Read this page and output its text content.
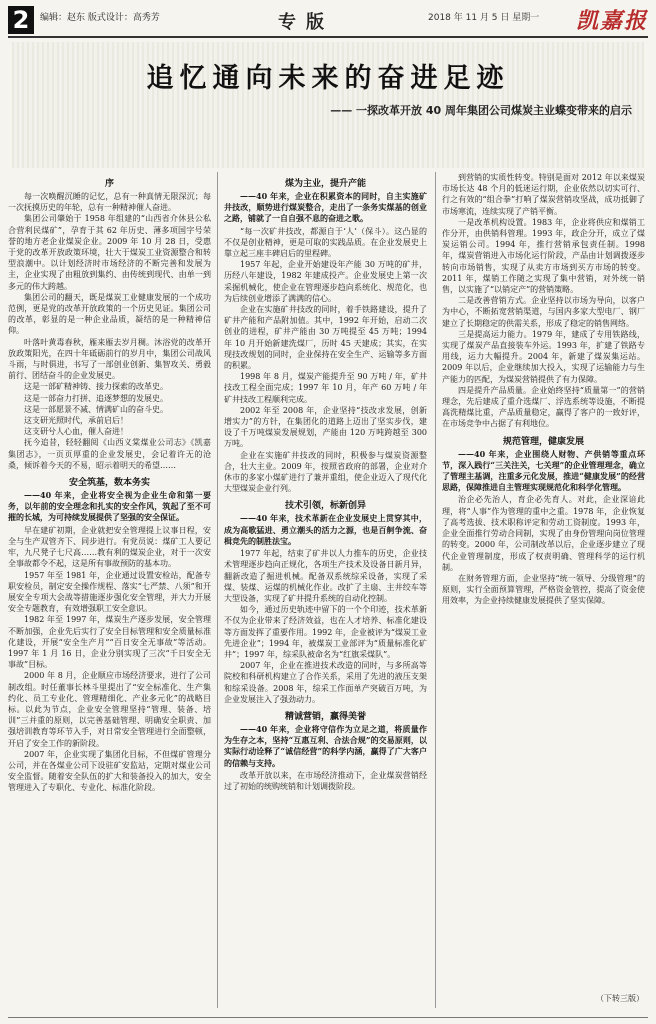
2	编辑：赵东 版式设计：高秀芳	专版	2018 年 11 月 5 日 星期一 凯嘉报
追忆通向未来的奋进足迹
—— 一探改革开放 40 周年集团公司煤炭主业蝶变带来的启示
序

每一次唤醒沉睡的记忆，总有一种真情无限深沉；每一次抚摸历史的年轮，总有一种精神催人奋进。

集团公司肇始于 1958 年组建的“山西省介休县公私合营利民煤矿”，孕育于其 62 年历史、薄多项国字号荣誉的地方老企业煤炭企业。2009 年 10 月 28 日，受惠于党的改革开放政策环境，壮大于煤炭工业资源整合和转型浪潮中。以计划经济时市场经济的不断完善和发展为主，企业实现了由粗放到集约、由传统到现代、由单一到多元的伟大跨越。

集团公司的翻天，既是煤炭工业健康发展的一个成功范例，更是党的改革开放政策的一个历史见证。集团公司的改革，彰显的是一种企业品质，凝结的是一种精神信仰。

叶落叶黄毒春秋，雁来雁去岁月稠。沐浴党的改革开放政策阳光，在四十年砥砺前行的岁月中，集团公司战风斗雨，与时俱进，书写了一部创业创新、集智攻关、勇毅前行、团结奋斗的企业发展史。

这是一部矿精神铸、接力探索的改革史。

这是一部奋力打拼、追逐梦想的发展史。

这是一部愿景不减、情满矿山的奋斗史。

这支研光照时代，承前启后！

这支研兮人心血，催人奋进！

抚今追昔，轻轻翻阅《山西义棠煤业公司志》《凯嘉集团志》，一页页厚重的企业发展史，会记着许无的沧桑，倾诉着今天的不易，昭示着明天的希望……

安全筑基，数本务实

——40 年来，企业将安全视为企业生命和第一要务，以年前的安全理念和扎实的安全作风，筑起了至不可摧的长城，为可持续发展提供了坚强的安全保证。

早在建矿初期，企业就把安全管理提上议事日程，安全与生产双管齐下、同步进行。有党员说：煤矿工人要记牢，九尺凳子七尺高……教有利的煤炭企业，对于一次安全事故都令不起，这是所有事故预防的基本功。

1957 年至 1981 年，企业通过设置安检站，配备专职安检员，制定安全操作规程、落实“七严禁、八须”和开展安全专项大会战等措施逐步强化安全管理，并大力开展安全专题教育，有效增强职工安全意识。

1982 年至 1997 年，煤炭生产逐步发展，安全管理不断加强，企业先后实行了安全目标管理和安全质量标准化建设，开展“安全生产月”“百日安全无事故”等活动。1997 年 1 月 16 日，企业分别实现了三次“千日安全无事故”目标。

2000 年 8 月，企业顺应市场经济要求，进行了公司制改组。时任董事长林斗里提出了“安全标准化、生产集约化、员工专业化、管理精细化、产业多元化”的战略目标。以此为节点，企业安全管理坚持“管理、装备、培训”三并重的原则，以完善基础管理、明确安全职责、加强培训教育等环节入手，对日常安全管理进行全面整顿，开启了安全工作的新阶段。

2007 年，企业实现了集团化目标，不但煤矿管理分公司，并在各煤业公司下设驻矿安监站，定期对煤业公司安全监督。随着安全队伍的扩大和装备投入的加大，安全管理进入了专职化、专业化、标准化阶段。

煤为主业，提升产能

——40 年来，企业在积累资本的同时，自主实施矿井技改，顺势进行煤炭整合，走出了一条务实煤基的创业之路，铺就了一自自强不息的奋进之歌。

“每一次矿井技改，都源自于‘人’（保斗）。这凸显的不仅是创业精神，更是可取的实践品质。在企业发展史上靠立起三座丰碑启后的里程碑。

1957 年起，企业开始建设年产能 30 万吨的矿井，历经八年建设，1982 年建成投产。企业发展史上第一次采掘机械化，使企业在管理逐步趋向系统化、规范化，也为后续创业增添了满满的信心。

企业在实施矿井技改的同时，着手铁路建设，提升了矿井产能和产品附加值。其中，1992 年开始，启动二次创业的进程，矿井产能由 30 万吨提至 45 万吨；1994 年 10 月开始新建洗煤厂，历时 45 天建成；其实，在实现技改规划的同时，企业保持在安全生产、运输等多方面的积累。

1998 年 8 月，煤炭产能提升至 90 万吨 / 年，矿井技改工程全面完成；1997 年 10 月，年产 60 万吨 / 年矿井技改工程顺利完成。

2002 年至 2008 年，企业坚持“技改求发展，创新增实力”的方针，在集团化的道路上迈出了坚实步伐，建设了千万吨煤炭发展规划，产能由 120 万吨跨越至 300 万吨。

企业在实施矿井技改的同时，积极参与煤炭资源整合，壮大主业。2009 年，按照省政府的部署，企业对介休市的多家小煤矿进行了兼并重组，使企业迈入了现代化大型煤炭企业行列。

技术引领，标新创异

——40 年来，技术革新在企业发展史上贯穿其中，成为高歌猛进、勇立潮头的活力之源，也是百舸争流、奋楫竞先的制胜法宝。

1977 年起，结束了矿井以人力推车的历史，企业技术管理逐步趋向正规化，各项生产技术及设备日新月异，翻新改造了掘进机械。配备双系统综采设备，实现了采煤、装煤、运煤的机械化作业。改扩了主扇、主井绞车等大型设备，实现了矿井提升系统的自动化控制。

如今，通过历史轨迹中留下的一个个印迹，技术革新不仅为企业带来了经济效益，也在人才培养、标准化建设等方面发挥了重要作用。1992 年，企业被评为“煤炭工业先进企业”；1994 年，被煤炭工业部评为“质量标准化矿井”；1997 年，综采队被命名为“红旗采煤队”。

2007 年，企业在推进技术改造的同时，与多所高等院校和科研机构建立了合作关系，采用了先进的液压支架和综采设备。2008 年，综采工作面单产突破百万吨，为企业发展注入了强劲动力。

精诚营销，赢得美誉

——40 年来，企业将守信作为立足之道，将质量作为生存之本，坚持“互惠互利、合法合规”的交易原则，以实际行动诠释了“诚信经营”的科学内涵，赢得了广大客户的信赖与支持。

改革开放以来，在市场经济推动下，企业煤炭营销经过了初始的统购统销和计划调拨阶段。

到营销的实质性转变。特别是面对 2012 年以来煤炭市场长达 48 个月的低迷运行期，企业依然以切实可行、行之有效的“组合拳”打响了煤炭营销攻坚战，成功抵御了市场寒流，连续实现了产销平衡。

一是改革机构设置。1983 年，企业将供应和煤销工作分开，由供销科管理。1993 年，政企分开，成立了煤炭运销公司。1994 年，推行营销承包责任制。1998 年，煤炭营销进入市场化运行阶段，产品由计划调拨逐步转向市场销售，实现了从卖方市场到买方市场的转变。2011 年，煤销工作随之实现了集中营销，对外统一销售，以实施了“以销定产”的营销策略。

二是改善营销方式。企业坚持以市场为导向，以客户为中心，不断拓宽营销渠道，与国内多家大型电厂、钢厂建立了长期稳定的供需关系，形成了稳定的销售网络。

三是提高运力能力。1979 年，建成了专用铁路线，实现了煤炭产品直接装车外运。1993 年，扩建了铁路专用线，运力大幅提升。2004 年，新建了煤炭集运站。2009 年以后，企业继续加大投入，实现了运输能力与生产能力的匹配，为煤炭营销提供了有力保障。

四是提升产品质量。企业始终坚持“质量第一”的营销理念，先后建成了重介选煤厂、浮选系统等设施，不断提高洗精煤比重，产品质量稳定，赢得了客户的一致好评，在市场竞争中占据了有利地位。

规范管理，健康发展

——40 年来，企业围绕人财物、产供销等重点环节，深入践行“三关注关，七关理”的企业管理理念，确立了管理主基调，注重多元化发展，推进“健康发展”的经营思路，保障推进自主管理实现规范化和科学化管理。

治企必先治人，育企必先育人。对此，企业深谙此理，将“人事”作为管理的重中之重。1978 年，企业恢复了高考选拔、技术职称评定和劳动工资制度。1993 年，企业全面推行劳动合同制，实现了由身份管理向岗位管理的转变。2000 年，公司制改革以后，企业逐步建立了现代企业管理制度，形成了权责明确、管理科学的运行机制。

在财务管理方面，企业坚持“统一领导、分级管理”的原则，实行全面预算管理，严格资金管控，提高了资金使用效率，为企业持续健康发展提供了坚实保障。

（下转三版）
